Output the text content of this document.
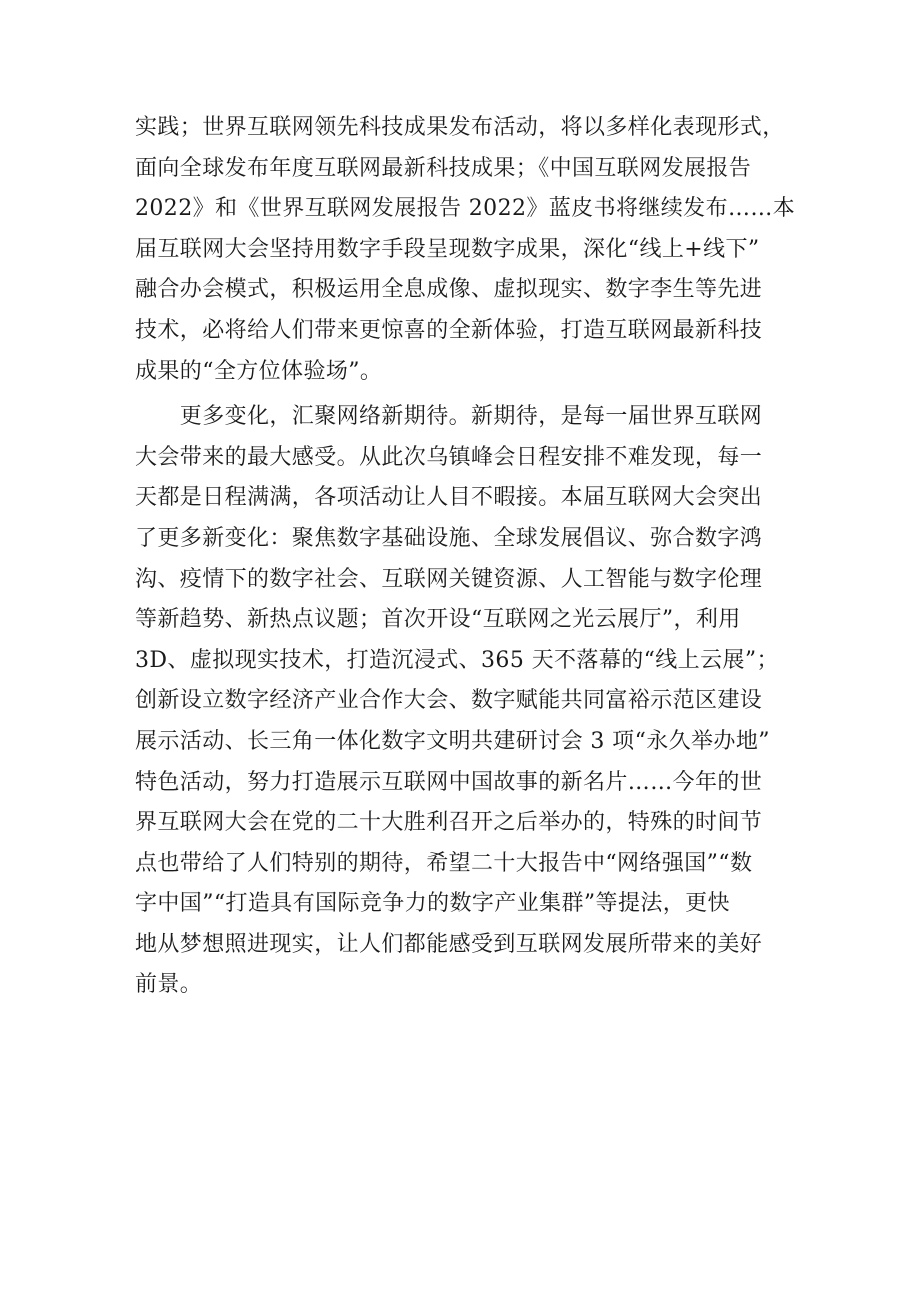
实践；世界互联网领先科技成果发布活动，将以多样化表现形式，
面向全球发布年度互联网最新科技成果；《中国互联网发展报告
2022》和《世界互联网发展报告 2022》蓝皮书将继续发布……本
届互联网大会坚持用数字手段呈现数字成果，深化“线上+线下”
融合办会模式，积极运用全息成像、虚拟现实、数字李生等先进
技术，必将给人们带来更惊喜的全新体验，打造互联网最新科技
成果的“全方位体验场”。
　　更多变化，汇聚网络新期待。新期待，是每一届世界互联网
大会带来的最大感受。从此次乌镇峰会日程安排不难发现，每一
天都是日程满满，各项活动让人目不暇接。本届互联网大会突出
了更多新变化：聚焦数字基础设施、全球发展倡议、弥合数字鸿
沟、疫情下的数字社会、互联网关键资源、人工智能与数字伦理
等新趋势、新热点议题；首次开设“互联网之光云展厅”，利用
3D、虚拟现实技术，打造沉浸式、365 天不落幕的“线上云展”；
创新设立数字经济产业合作大会、数字赋能共同富裕示范区建设
展示活动、长三角一体化数字文明共建研讨会 3 项“永久举办地”
特色活动，努力打造展示互联网中国故事的新名片……今年的世
界互联网大会在党的二十大胜利召开之后举办的，特殊的时间节
点也带给了人们特别的期待，希望二十大报告中“网络强国”“数
字中国”“打造具有国际竞争力的数字产业集群”等提法，更快
地从梦想照进现实，让人们都能感受到互联网发展所带来的美好
前景。
